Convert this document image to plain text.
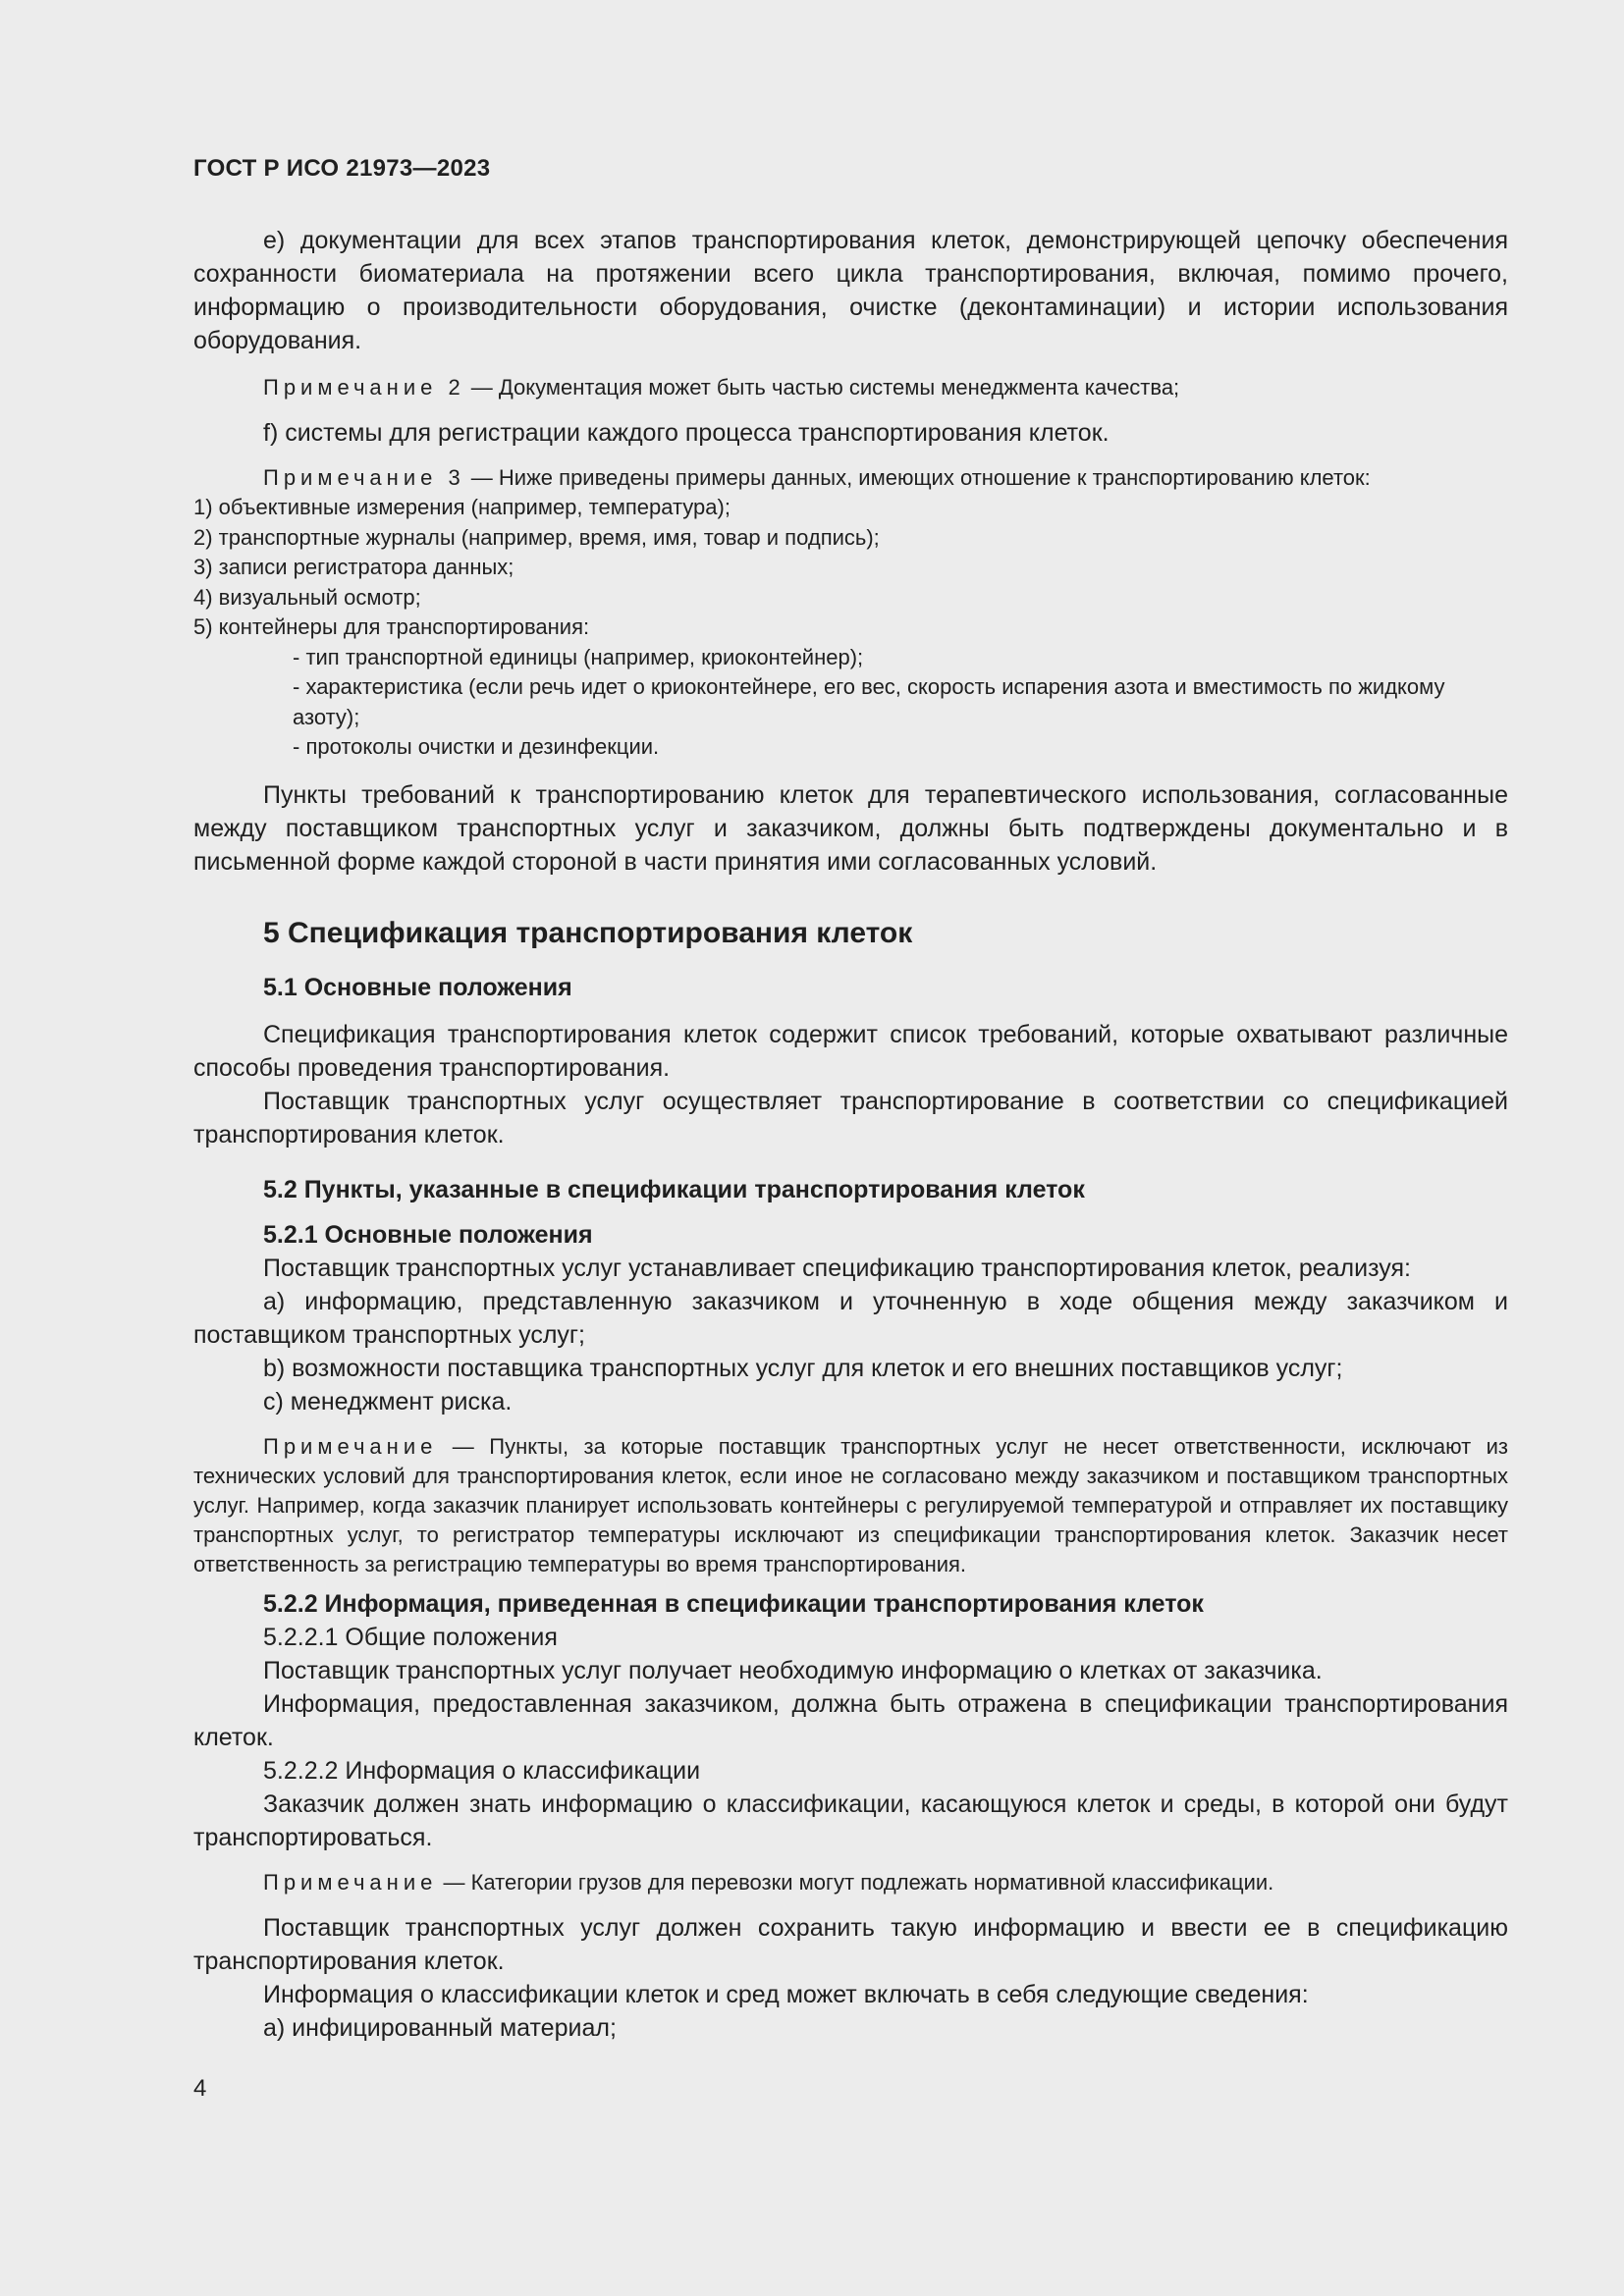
ГОСТ Р ИСО 21973—2023

e) документации для всех этапов транспортирования клеток, демонстрирующей цепочку обеспечения сохранности биоматериала на протяжении всего цикла транспортирования, включая, помимо прочего, информацию о производительности оборудования, очистке (деконтаминации) и истории использования оборудования.

Примечание 2 — Документация может быть частью системы менеджмента качества;

f) системы для регистрации каждого процесса транспортирования клеток.

Примечание 3 — Ниже приведены примеры данных, имеющих отношение к транспортированию клеток:

1) объективные измерения (например, температура);

2) транспортные журналы (например, время, имя, товар и подпись);

3) записи регистратора данных;

4) визуальный осмотр;

5) контейнеры для транспортирования:

- тип транспортной единицы (например, криоконтейнер);

- характеристика (если речь идет о криоконтейнере, его вес, скорость испарения азота и вместимость по жидкому азоту);

- протоколы очистки и дезинфекции.

Пункты требований к транспортированию клеток для терапевтического использования, согласованные между поставщиком транспортных услуг и заказчиком, должны быть подтверждены документально и в письменной форме каждой стороной в части принятия ими согласованных условий.

5 Спецификация транспортирования клеток

5.1 Основные положения

Спецификация транспортирования клеток содержит список требований, которые охватывают различные способы проведения транспортирования.

Поставщик транспортных услуг осуществляет транспортирование в соответствии со спецификацией транспортирования клеток.

5.2 Пункты, указанные в спецификации транспортирования клеток

5.2.1 Основные положения

Поставщик транспортных услуг устанавливает спецификацию транспортирования клеток, реализуя:

a) информацию, представленную заказчиком и уточненную в ходе общения между заказчиком и поставщиком транспортных услуг;

b) возможности поставщика транспортных услуг для клеток и его внешних поставщиков услуг;

c) менеджмент риска.

Примечание — Пункты, за которые поставщик транспортных услуг не несет ответственности, исключают из технических условий для транспортирования клеток, если иное не согласовано между заказчиком и поставщиком транспортных услуг. Например, когда заказчик планирует использовать контейнеры с регулируемой температурой и отправляет их поставщику транспортных услуг, то регистратор температуры исключают из спецификации транспортирования клеток. Заказчик несет ответственность за регистрацию температуры во время транспортирования.

5.2.2 Информация, приведенная в спецификации транспортирования клеток

5.2.2.1 Общие положения

Поставщик транспортных услуг получает необходимую информацию о клетках от заказчика.

Информация, предоставленная заказчиком, должна быть отражена в спецификации транспортирования клеток.

5.2.2.2 Информация о классификации

Заказчик должен знать информацию о классификации, касающуюся клеток и среды, в которой они будут транспортироваться.

Примечание — Категории грузов для перевозки могут подлежать нормативной классификации.

Поставщик транспортных услуг должен сохранить такую информацию и ввести ее в спецификацию транспортирования клеток.

Информация о классификации клеток и сред может включать в себя следующие сведения:

a) инфицированный материал;

4
